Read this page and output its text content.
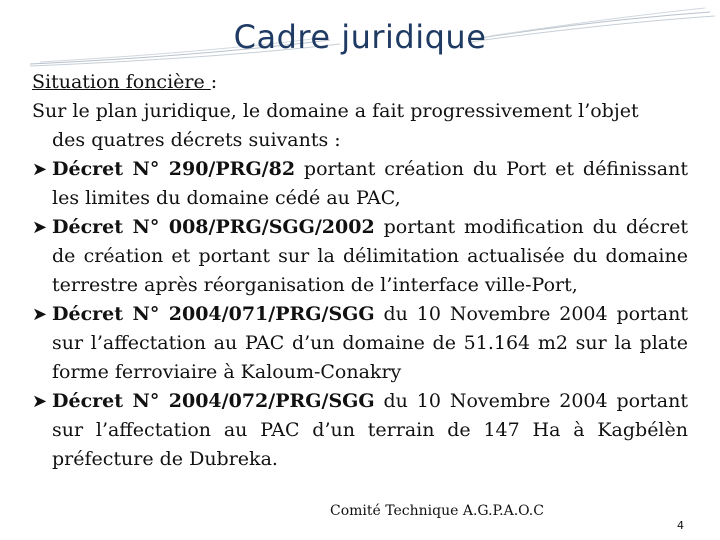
Cadre juridique
Situation foncière :
Sur le plan juridique, le domaine a fait progressivement l’objet
des quatres décrets suivants :
➤ Décret N° 290/PRG/82 portant création du Port et définissant les limites du domaine cédé au PAC,
➤ Décret N° 008/PRG/SGG/2002 portant modification du décret de création et portant sur la délimitation actualisée du domaine terrestre après réorganisation de l’interface ville-Port,
➤ Décret N° 2004/071/PRG/SGG du 10 Novembre 2004 portant sur l’affectation au PAC d’un domaine de 51.164 m2 sur la plate forme ferroviaire à Kaloum-Conakry
➤ Décret N° 2004/072/PRG/SGG du 10 Novembre 2004 portant sur l’affectation au PAC d’un terrain de 147 Ha à Kagbélèn préfecture de Dubreka.
Comité Technique A.G.P.A.O.C
4
